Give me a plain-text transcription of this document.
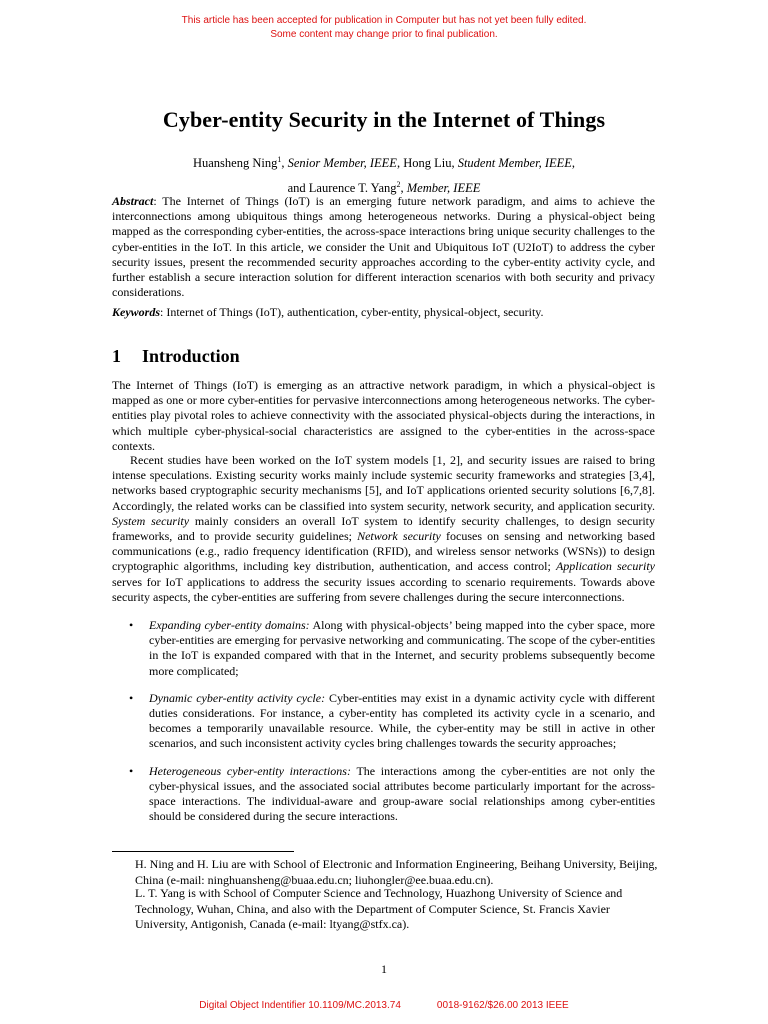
This article has been accepted for publication in Computer but has not yet been fully edited.
Some content may change prior to final publication.
Cyber-entity Security in the Internet of Things
Huansheng Ning$^1$, Senior Member, IEEE, Hong Liu, Student Member, IEEE,
and Laurence T. Yang$^2$, Member, IEEE
Abstract: The Internet of Things (IoT) is an emerging future network paradigm, and aims to achieve the interconnections among ubiquitous things among heterogeneous networks. During a physical-object being mapped as the corresponding cyber-entities, the across-space interactions bring unique security challenges to the cyber-entities in the IoT. In this article, we consider the Unit and Ubiquitous IoT (U2IoT) to address the cyber security issues, present the recommended security approaches according to the cyber-entity activity cycle, and further establish a secure interaction solution for different interaction scenarios with both security and privacy considerations.
Keywords: Internet of Things (IoT), authentication, cyber-entity, physical-object, security.
1 Introduction
The Internet of Things (IoT) is emerging as an attractive network paradigm, in which a physical-object is mapped as one or more cyber-entities for pervasive interconnections among heterogeneous networks. The cyber-entities play pivotal roles to achieve connectivity with the associated physical-objects during the interactions, in which multiple cyber-physical-social characteristics are assigned to the cyber-entities in the across-space contexts.
Recent studies have been worked on the IoT system models [1, 2], and security issues are raised to bring intense speculations. Existing security works mainly include systemic security frameworks and strategies [3,4], networks based cryptographic security mechanisms [5], and IoT applications oriented security solutions [6,7,8]. Accordingly, the related works can be classified into system security, network security, and application security. System security mainly considers an overall IoT system to identify security challenges, to design security frameworks, and to provide security guidelines; Network security focuses on sensing and networking based communications (e.g., radio frequency identification (RFID), and wireless sensor networks (WSNs)) to design cryptographic algorithms, including key distribution, authentication, and access control; Application security serves for IoT applications to address the security issues according to scenario requirements. Towards above security aspects, the cyber-entities are suffering from severe challenges during the secure interconnections.
• Expanding cyber-entity domains: Along with physical-objects’ being mapped into the cyber space, more cyber-entities are emerging for pervasive networking and communicating. The scope of the cyber-entities in the IoT is expanded compared with that in the Internet, and security problems subsequently become more complicated;
• Dynamic cyber-entity activity cycle: Cyber-entities may exist in a dynamic activity cycle with different duties considerations. For instance, a cyber-entity has completed its activity cycle in a scenario, and becomes a temporarily unavailable resource. While, the cyber-entity may be still in active in other scenarios, and such inconsistent activity cycles bring challenges towards the security approaches;
• Heterogeneous cyber-entity interactions: The interactions among the cyber-entities are not only the cyber-physical issues, and the associated social attributes become particularly important for the across-space interactions. The individual-aware and group-aware social relationships among cyber-entities should be considered during the secure interactions.
H. Ning and H. Liu are with School of Electronic and Information Engineering, Beihang University, Beijing, China (e-mail: ninghuansheng@buaa.edu.cn; liuhongler@ee.buaa.edu.cn).
L. T. Yang is with School of Computer Science and Technology, Huazhong University of Science and Technology, Wuhan, China, and also with the Department of Computer Science, St. Francis Xavier University, Antigonish, Canada (e-mail: ltyang@stfx.ca).
1
Digital Object Indentifier 10.1109/MC.2013.74	0018-9162/$26.00 2013 IEEE
